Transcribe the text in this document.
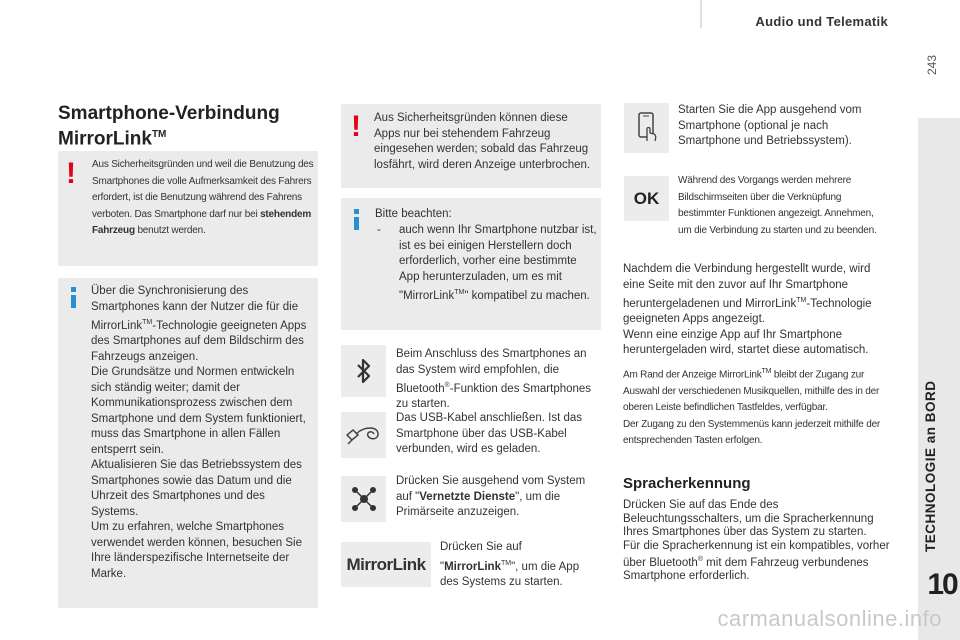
Audio und Telematik
243
TECHNOLOGIE an BORD
10
Smartphone-Verbindung
MirrorLink™
! Aus Sicherheitsgründen und weil die Benutzung des Smartphones die volle Aufmerksamkeit des Fahrers erfordert, ist die Benutzung während des Fahrens verboten. Das Smartphone darf nur bei stehendem Fahrzeug benutzt werden.
Über die Synchronisierung des Smartphones kann der Nutzer die für die MirrorLink™-Technologie geeigneten Apps des Smartphones auf dem Bildschirm des Fahrzeugs anzeigen.
Die Grundsätze und Normen entwickeln sich ständig weiter; damit der Kommunikationsprozess zwischen dem Smartphone und dem System funktioniert, muss das Smartphone in allen Fällen entsperrt sein.
Aktualisieren Sie das Betriebssystem des Smartphones sowie das Datum und die Uhrzeit des Smartphones und des Systems.
Um zu erfahren, welche Smartphones verwendet werden können, besuchen Sie Ihre länderspezifische Internetseite der Marke.
! Aus Sicherheitsgründen können diese Apps nur bei stehendem Fahrzeug eingesehen werden; sobald das Fahrzeug losfährt, wird deren Anzeige unterbrochen.
Bitte beachten:
- auch wenn Ihr Smartphone nutzbar ist, ist es bei einigen Herstellern doch erforderlich, vorher eine bestimmte App herunterzuladen, um es mit "MirrorLink™" kompatibel zu machen.
Beim Anschluss des Smartphones an das System wird empfohlen, die Bluetooth®-Funktion des Smartphones zu starten.
Das USB-Kabel anschließen. Ist das Smartphone über das USB-Kabel verbunden, wird es geladen.
Drücken Sie ausgehend vom System auf "Vernetzte Dienste", um die Primärseite anzuzeigen.
MirrorLink
Drücken Sie auf "MirrorLink™", um die App des Systems zu starten.
Starten Sie die App ausgehend vom Smartphone (optional je nach Smartphone und Betriebssystem).
OK
Während des Vorgangs werden mehrere Bildschirmseiten über die Verknüpfung bestimmter Funktionen angezeigt. Annehmen, um die Verbindung zu starten und zu beenden.
Nachdem die Verbindung hergestellt wurde, wird eine Seite mit den zuvor auf Ihr Smartphone heruntergeladenen und MirrorLink™-Technologie geeigneten Apps angezeigt.
Wenn eine einzige App auf Ihr Smartphone heruntergeladen wird, startet diese automatisch.
Am Rand der Anzeige MirrorLink™ bleibt der Zugang zur Auswahl der verschiedenen Musikquellen, mithilfe des in der oberen Leiste befindlichen Tastfeldes, verfügbar.
Der Zugang zu den Systemmenüs kann jederzeit mithilfe der entsprechenden Tasten erfolgen.
Spracherkennung
Drücken Sie auf das Ende des Beleuchtungsschalters, um die Spracherkennung Ihres Smartphones über das System zu starten.
Für die Spracherkennung ist ein kompatibles, vorher über Bluetooth® mit dem Fahrzeug verbundenes Smartphone erforderlich.
carmanualsonline.info
